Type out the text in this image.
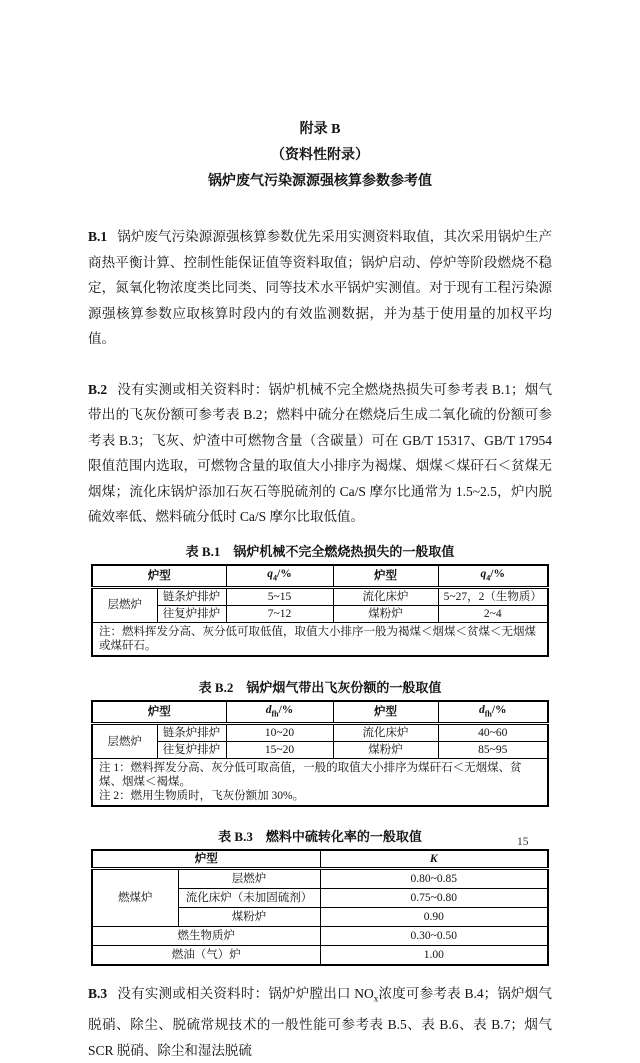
附录 B
（资料性附录）
锅炉废气污染源源强核算参数参考值

B.1 锅炉废气污染源源强核算参数优先采用实测资料取值，其次采用锅炉生产商热平衡计算、控制性能保证值等资料取值；锅炉启动、停炉等阶段燃烧不稳定，氮氧化物浓度类比同类、同等技术水平锅炉实测值。对于现有工程污染源源强核算参数应取核算时段内的有效监测数据，并为基于使用量的加权平均值。

B.2 没有实测或相关资料时：锅炉机械不完全燃烧热损失可参考表 B.1；烟气带出的飞灰份额可参考表 B.2；燃料中硫分在燃烧后生成二氧化硫的份额可参考表 B.3；飞灰、炉渣中可燃物含量（含碳量）可在 GB/T 15317、GB/T 17954 限值范围内选取，可燃物含量的取值大小排序为褐煤、烟煤＜煤矸石＜贫煤无烟煤；流化床锅炉添加石灰石等脱硫剂的 Ca/S 摩尔比通常为 1.5~2.5，炉内脱硫效率低、燃料硫分低时 Ca/S 摩尔比取低值。

表 B.1 锅炉机械不完全燃烧热损失的一般取值
炉型		$q_4/\%$	炉型	$q_4/\%$
层燃炉	链条炉排炉	5~15	流化床炉	5~27，2（生物质）
	往复炉排炉	7~12	煤粉炉	2~4
注：燃料挥发分高、灰分低可取低值，取值大小排序一般为褐煤＜烟煤＜贫煤＜无烟煤或煤矸石。				
表 B.2 锅炉烟气带出飞灰份额的一般取值
炉型		$d_{fh}/\%$	炉型	$d_{fh}/\%$
层燃炉	链条炉排炉	10~20	流化床炉	40~60
	往复炉排炉	15~20	煤粉炉	85~95

注 1：燃料挥发分高、灰分低可取高值，一般的取值大小排序为煤矸石＜无烟煤、贫煤、烟煤＜褐煤。
注 2：燃用生物质时，飞灰份额加 30%。				
表 B.3 燃料中硫转化率的一般取值
炉型		K
燃煤炉	层燃炉	0.80~0.85
	流化床炉（未加固硫剂）	0.75~0.80
	煤粉炉	0.90
燃生物质炉		0.30~0.50
燃油（气）炉		1.00

B.3 没有实测或相关资料时：锅炉炉膛出口 $NO_x$浓度可参考表 B.4；锅炉烟气脱硝、除尘、脱硫常规技术的一般性能可参考表 B.5、表 B.6、表 B.7；烟气 SCR 脱硝、除尘和湿法脱硫

15
